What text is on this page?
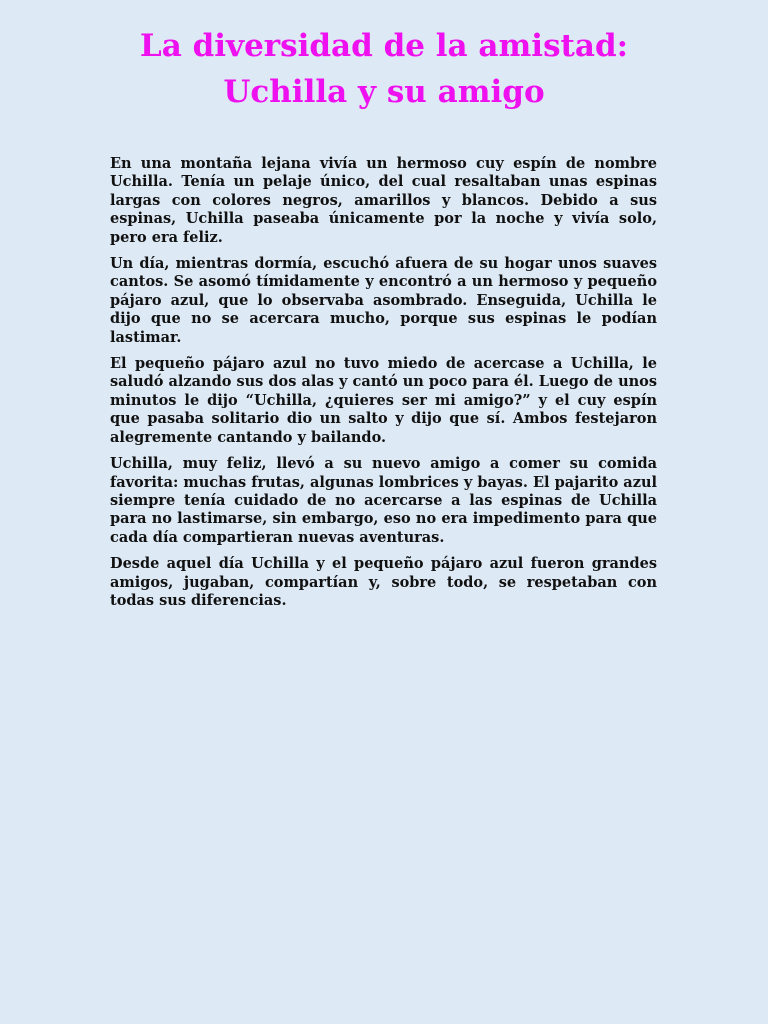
La diversidad de la amistad:
Uchilla y su amigo

En una montaña lejana vivía un hermoso cuy espín de nombre Uchilla. Tenía un pelaje único, del cual resaltaban unas espinas largas con colores negros, amarillos y blancos. Debido a sus espinas, Uchilla paseaba únicamente por la noche y vivía solo, pero era feliz.

Un día, mientras dormía, escuchó afuera de su hogar unos suaves cantos. Se asomó tímidamente y encontró a un hermoso y pequeño pájaro azul, que lo observaba asombrado. Enseguida, Uchilla le dijo que no se acercara mucho, porque sus espinas le podían lastimar.

El pequeño pájaro azul no tuvo miedo de acercase a Uchilla, le saludó alzando sus dos alas y cantó un poco para él. Luego de unos minutos le dijo “Uchilla, ¿quieres ser mi amigo?” y el cuy espín que pasaba solitario dio un salto y dijo que sí. Ambos festejaron alegremente cantando y bailando.

Uchilla, muy feliz, llevó a su nuevo amigo a comer su comida favorita: muchas frutas, algunas lombrices y bayas. El pajarito azul siempre tenía cuidado de no acercarse a las espinas de Uchilla para no lastimarse, sin embargo, eso no era impedimento para que cada día compartieran nuevas aventuras.

Desde aquel día Uchilla y el pequeño pájaro azul fueron grandes amigos, jugaban, compartían y, sobre todo, se respetaban con todas sus diferencias.
